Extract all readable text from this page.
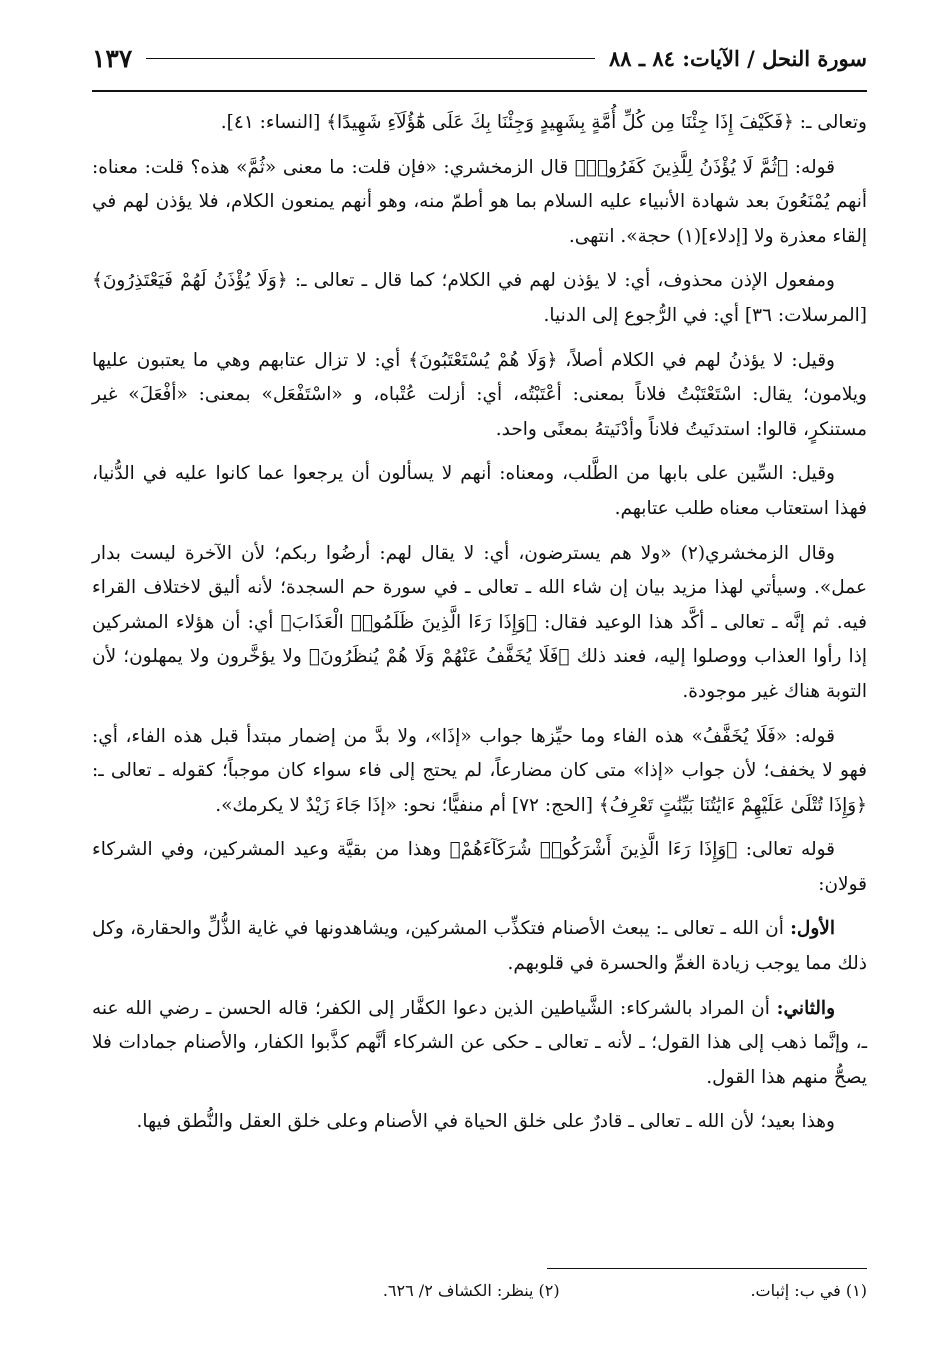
سورة النحل / الآيات: ٨٤ ـ ٨٨
١٣٧

وتعالى ـ: ﴿فَكَيْفَ إِذَا جِئْنَا مِن كُلِّ أُمَّةٍ بِشَهِيدٍ وَجِئْنَا بِكَ عَلَى هَٰٓؤُلَآءِ شَهِيدًا﴾ [النساء: ٤١].

قوله: ﴿ثُمَّ لَا يُؤْذَنُ لِلَّذِينَ كَفَرُوا۟﴾ قال الزمخشري: «فإن قلت: ما معنى «ثُمَّ» هذه؟ قلت: معناه: أنهم يُمْنَعُونَ بعد شهادة الأنبياء عليه السلام بما هو أطمّ منه، وهو أنهم يمنعون الكلام، فلا يؤذن لهم في إلقاء معذرة ولا [إدلاء](١) حجة». انتهى.

ومفعول الإذن محذوف، أي: لا يؤذن لهم في الكلام؛ كما قال ـ تعالى ـ: ﴿وَلَا يُؤْذَنُ لَهُمْ فَيَعْتَذِرُونَ﴾ [المرسلات: ٣٦] أي: في الرُّجوع إلى الدنيا.

وقيل: لا يؤذنُ لهم في الكلام أصلاً، ﴿وَلَا هُمْ يُسْتَعْتَبُونَ﴾ أي: لا تزال عتابهم وهي ما يعتبون عليها ويلامون؛ يقال: اسْتَعْتَبْتُ فلاناً بمعنى: أعْتَبْتُه، أي: أزلت عُتْباه، و «اسْتَفْعَل» بمعنى: «أفْعَلَ» غير مستنكرٍ، قالوا: استدنَيتُ فلاناً وأدْنَيتهُ بمعنًى واحد.

وقيل: السِّين على بابها من الطَّلب، ومعناه: أنهم لا يسألون أن يرجعوا عما كانوا عليه في الدُّنيا، فهذا استعتاب معناه طلب عتابهم.

وقال الزمخشري(٢) «ولا هم يسترضون، أي: لا يقال لهم: أرضُوا ربكم؛ لأن الآخرة ليست بدار عمل». وسيأتي لهذا مزيد بيان إن شاء الله ـ تعالى ـ في سورة حم السجدة؛ لأنه أليق لاختلاف القراء فيه. ثم إنَّه ـ تعالى ـ أكَّد هذا الوعيد فقال: ﴿وَإِذَا رَءَا الَّذِينَ ظَلَمُوا۟ الْعَذَابَ﴾ أي: أن هؤلاء المشركين إذا رأوا العذاب ووصلوا إليه، فعند ذلك ﴿فَلَا يُخَفَّفُ عَنْهُمْ وَلَا هُمْ يُنظَرُونَ﴾ ولا يؤخَّرون ولا يمهلون؛ لأن التوبة هناك غير موجودة.

قوله: «فَلَا يُخَفَّفُ» هذه الفاء وما حيِّزها جواب «إذَا»، ولا بدَّ من إضمار مبتدأ قبل هذه الفاء، أي: فهو لا يخفف؛ لأن جواب «إذا» متى كان مضارعاً، لم يحتج إلى فاء سواء كان موجباً؛ كقوله ـ تعالى ـ: ﴿وَإِذَا تُتْلَىٰ عَلَيْهِمْ ءَايَٰتُنَا بَيِّنَٰتٍ تَعْرِفُ﴾ [الحج: ٧٢] أم منفيًّا؛ نحو: «إذَا جَاءَ زَيْدٌ لا يكرمك».

قوله تعالى: ﴿وَإِذَا رَءَا الَّذِينَ أَشْرَكُوا۟ شُرَكَآءَهُمْ﴾ وهذا من بقيَّة وعيد المشركين، وفي الشركاء قولان:

الأول: أن الله ـ تعالى ـ: يبعث الأصنام فتكذِّب المشركين، ويشاهدونها في غاية الذُّلِّ والحقارة، وكل ذلك مما يوجب زيادة الغمِّ والحسرة في قلوبهم.

والثاني: أن المراد بالشركاء: الشَّياطين الذين دعوا الكفَّار إلى الكفر؛ قاله الحسن ـ رضي الله عنه ـ، وإنَّما ذهب إلى هذا القول؛ ـ لأنه ـ تعالى ـ حكى عن الشركاء أنَّهم كذَّبوا الكفار، والأصنام جمادات فلا يصحُّ منهم هذا القول.

وهذا بعيد؛ لأن الله ـ تعالى ـ قادرٌ على خلق الحياة في الأصنام وعلى خلق العقل والنُّطق فيها.

(١) في ب: إثبات.
(٢) ينظر: الكشاف ٢/ ٦٢٦.
